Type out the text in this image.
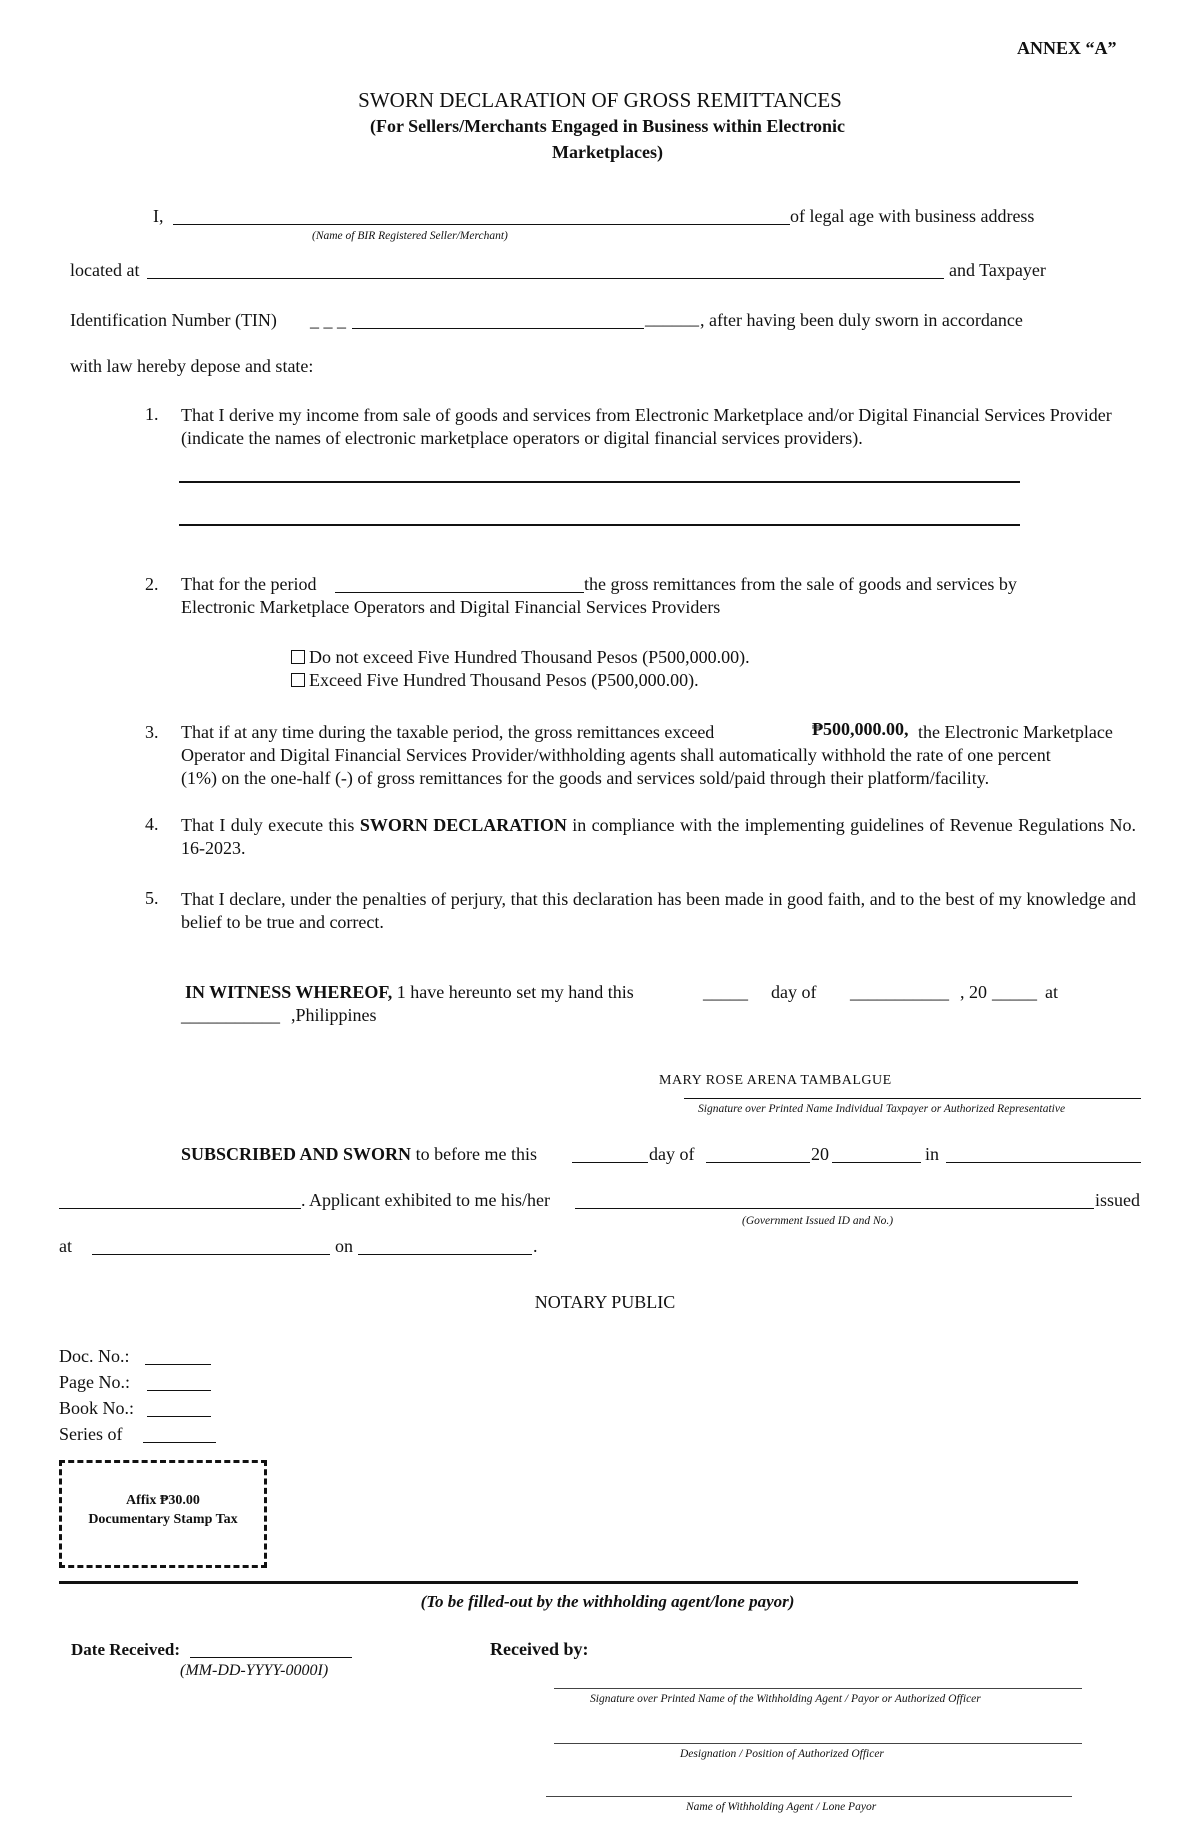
ANNEX “A”
SWORN DECLARATION OF GROSS REMITTANCES
(For Sellers/Merchants Engaged in Business within Electronic
Marketplaces)
I,	of legal age with business address
(Name of BIR Registered Seller/Merchant)
located at	and Taxpayer
Identification Number (TIN) _ _ _	______ , after having been duly sworn in accordance
with law hereby depose and state:
1. That I derive my income from sale of goods and services from Electronic Marketplace and/or Digital Financial Services Provider (indicate the names of electronic marketplace operators or digital financial services providers).
2. That for the period	the gross remittances from the sale of goods and services by
Electronic Marketplace Operators and Digital Financial Services Providers
Do not exceed Five Hundred Thousand Pesos (P500,000.00).
Exceed Five Hundred Thousand Pesos (P500,000.00).
3. That if at any time during the taxable period, the gross remittances exceed	₱500,000.00, the Electronic Marketplace
Operator and Digital Financial Services Provider/withholding agents shall automatically withhold the rate of one percent
(1%) on the one-half (-) of gross remittances for the goods and services sold/paid through their platform/facility.
4. That I duly execute this SWORN DECLARATION in compliance with the implementing guidelines of Revenue Regulations No. 16-2023.
5. That I declare, under the penalties of perjury, that this declaration has been made in good faith, and to the best of my knowledge and belief to be true and correct.
IN WITNESS WHEREOF, 1 have hereunto set my hand this	_____ day of ___________ , 20 _____ at
___________ ,Philippines
MARY ROSE ARENA TAMBALGUE
Signature over Printed Name Individual Taxpayer or Authorized Representative
SUBSCRIBED AND SWORN to before me this	day of	20	in
. Applicant exhibited to me his/her	issued
(Government Issued ID and No.)
at	on	.
NOTARY PUBLIC
Doc. No.:
Page No.:
Book No.:
Series of
Affix ₱30.00
Documentary Stamp Tax
(To be filled-out by the withholding agent/lone payor)
Date Received:
(MM-DD-YYYY-0000I)
Received by:
Signature over Printed Name of the Withholding Agent / Payor or Authorized Officer
Designation / Position of Authorized Officer
Name of Withholding Agent / Lone Payor
